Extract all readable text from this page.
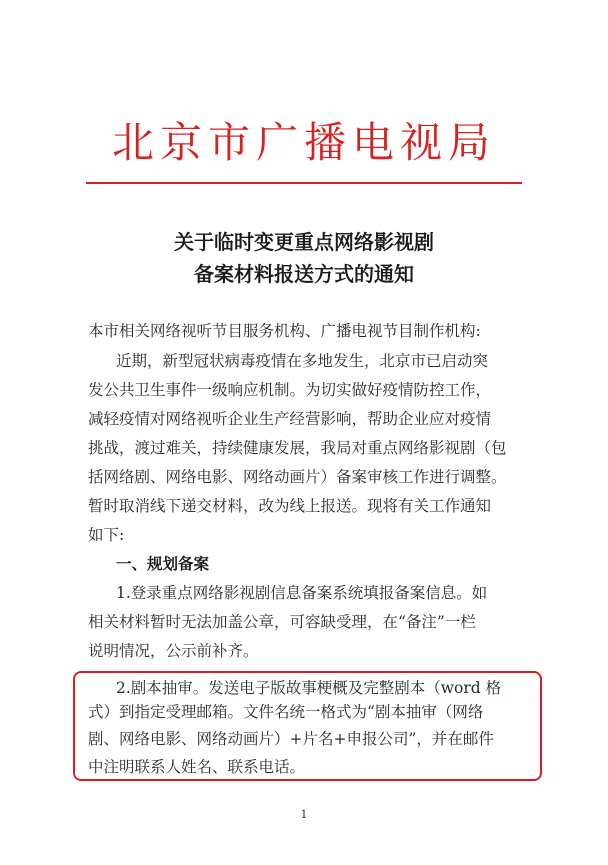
北京市广播电视局
关于临时变更重点网络影视剧
备案材料报送方式的通知
本市相关网络视听节目服务机构、广播电视节目制作机构:
近期，新型冠状病毒疫情在多地发生，北京市已启动突
发公共卫生事件一级响应机制。为切实做好疫情防控工作，
减轻疫情对网络视听企业生产经营影响，帮助企业应对疫情
挑战，渡过难关，持续健康发展，我局对重点网络影视剧（包
括网络剧、网络电影、网络动画片）备案审核工作进行调整。
暂时取消线下递交材料，改为线上报送。现将有关工作通知
如下:
一、规划备案
1.登录重点网络影视剧信息备案系统填报备案信息。如
相关材料暂时无法加盖公章，可容缺受理，在“备注”一栏
说明情况，公示前补齐。
2.剧本抽审。发送电子版故事梗概及完整剧本（word 格
式）到指定受理邮箱。文件名统一格式为“剧本抽审（网络
剧、网络电影、网络动画片）+片名+申报公司”，并在邮件
中注明联系人姓名、联系电话。
1
